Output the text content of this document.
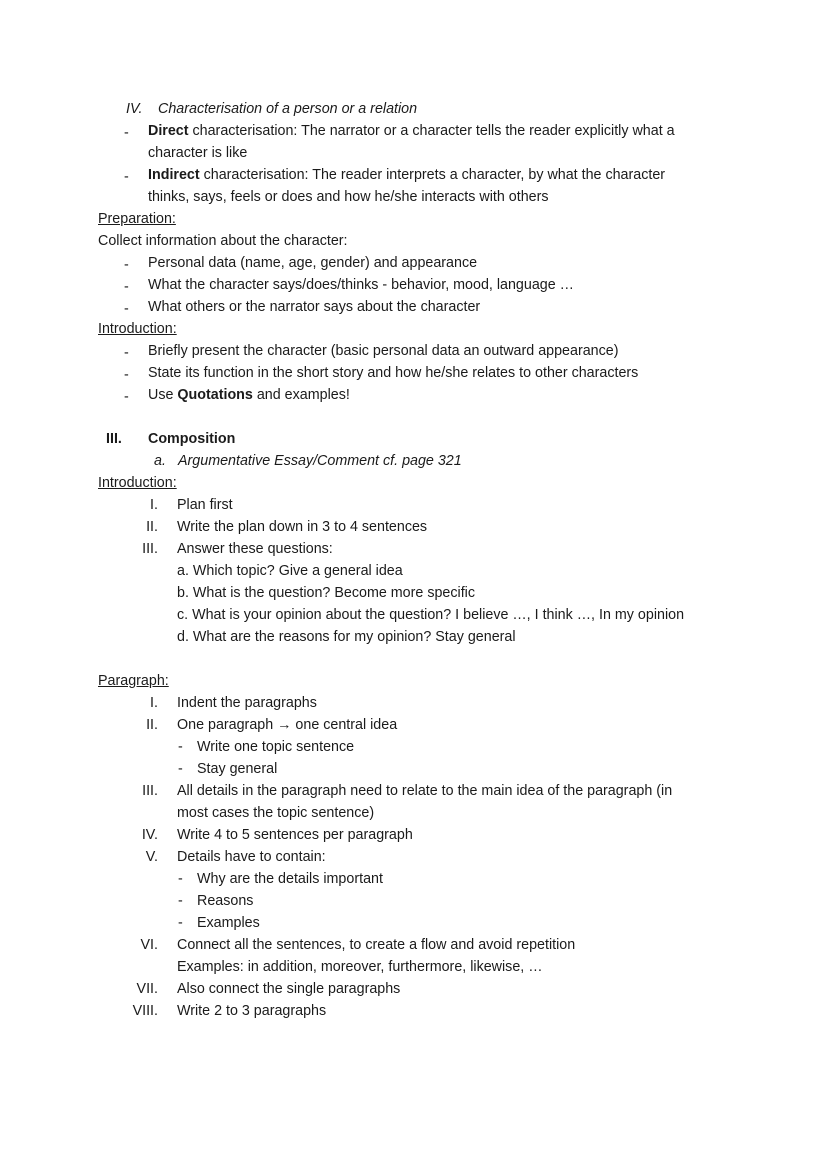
IV. Characterisation of a person or a relation
- Direct characterisation: The narrator or a character tells the reader explicitly what a
character is like
- Indirect characterisation: The reader interprets a character, by what the character
thinks, says, feels or does and how he/she interacts with others
Preparation:
Collect information about the character:
- Personal data (name, age, gender) and appearance
- What the character says/does/thinks - behavior, mood, language …
- What others or the narrator says about the character
Introduction:
- Briefly present the character (basic personal data an outward appearance)
- State its function in the short story and how he/she relates to other characters
- Use Quotations and examples!
III. Composition
a. Argumentative Essay/Comment cf. page 321
Introduction:
I. Plan first
II. Write the plan down in 3 to 4 sentences
III. Answer these questions:
a. Which topic? Give a general idea
b. What is the question? Become more specific
c. What is your opinion about the question? I believe …, I think …, In my opinion
d. What are the reasons for my opinion? Stay general
Paragraph:
I. Indent the paragraphs
II. One paragraph → one central idea
- Write one topic sentence
- Stay general
III. All details in the paragraph need to relate to the main idea of the paragraph (in
most cases the topic sentence)
IV. Write 4 to 5 sentences per paragraph
V. Details have to contain:
- Why are the details important
- Reasons
- Examples
VI. Connect all the sentences, to create a flow and avoid repetition
Examples: in addition, moreover, furthermore, likewise, …
VII. Also connect the single paragraphs
VIII. Write 2 to 3 paragraphs
